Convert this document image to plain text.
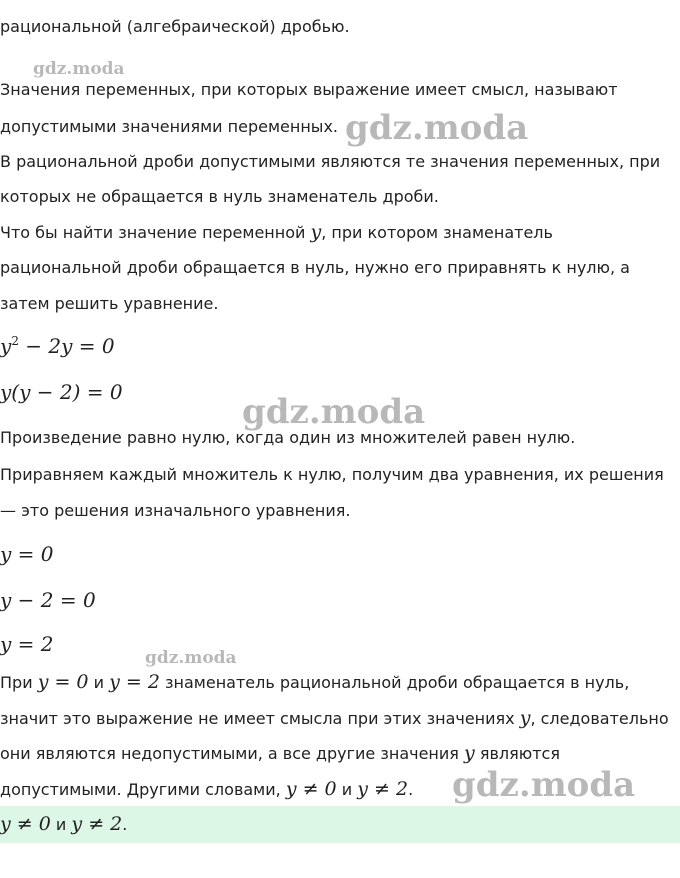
рациональной (алгебраической) дробью.

gdz.moda

Значения переменных, при которых выражение имеет смысл, называют

допустимыми значениями переменных. gdz.moda

В рациональной дроби допустимыми являются те значения переменных, при

которых не обращается в нуль знаменатель дроби.

Что бы найти значение переменной y, при котором знаменатель

рациональной дроби обращается в нуль, нужно его приравнять к нулю, а

затем решить уравнение.

$y^2 - 2y = 0$

y(y − 2) = 0	gdz.moda

Произведение равно нулю, когда один из множителей равен нулю.

Приравняем каждый множитель к нулю, получим два уравнения, их решения

— это решения изначального уравнения.

y = 0

y − 2 = 0

y = 2

gdz.moda

При y = 0 и y = 2 знаменатель рациональной дроби обращается в нуль,

значит это выражение не имеет смысла при этих значениях y, следовательно

они являются недопустимыми, а все другие значения y являются

допустимыми. Другими словами, y ≠ 0 и y ≠ 2. gdz.moda

y ≠ 0 и y ≠ 2.
